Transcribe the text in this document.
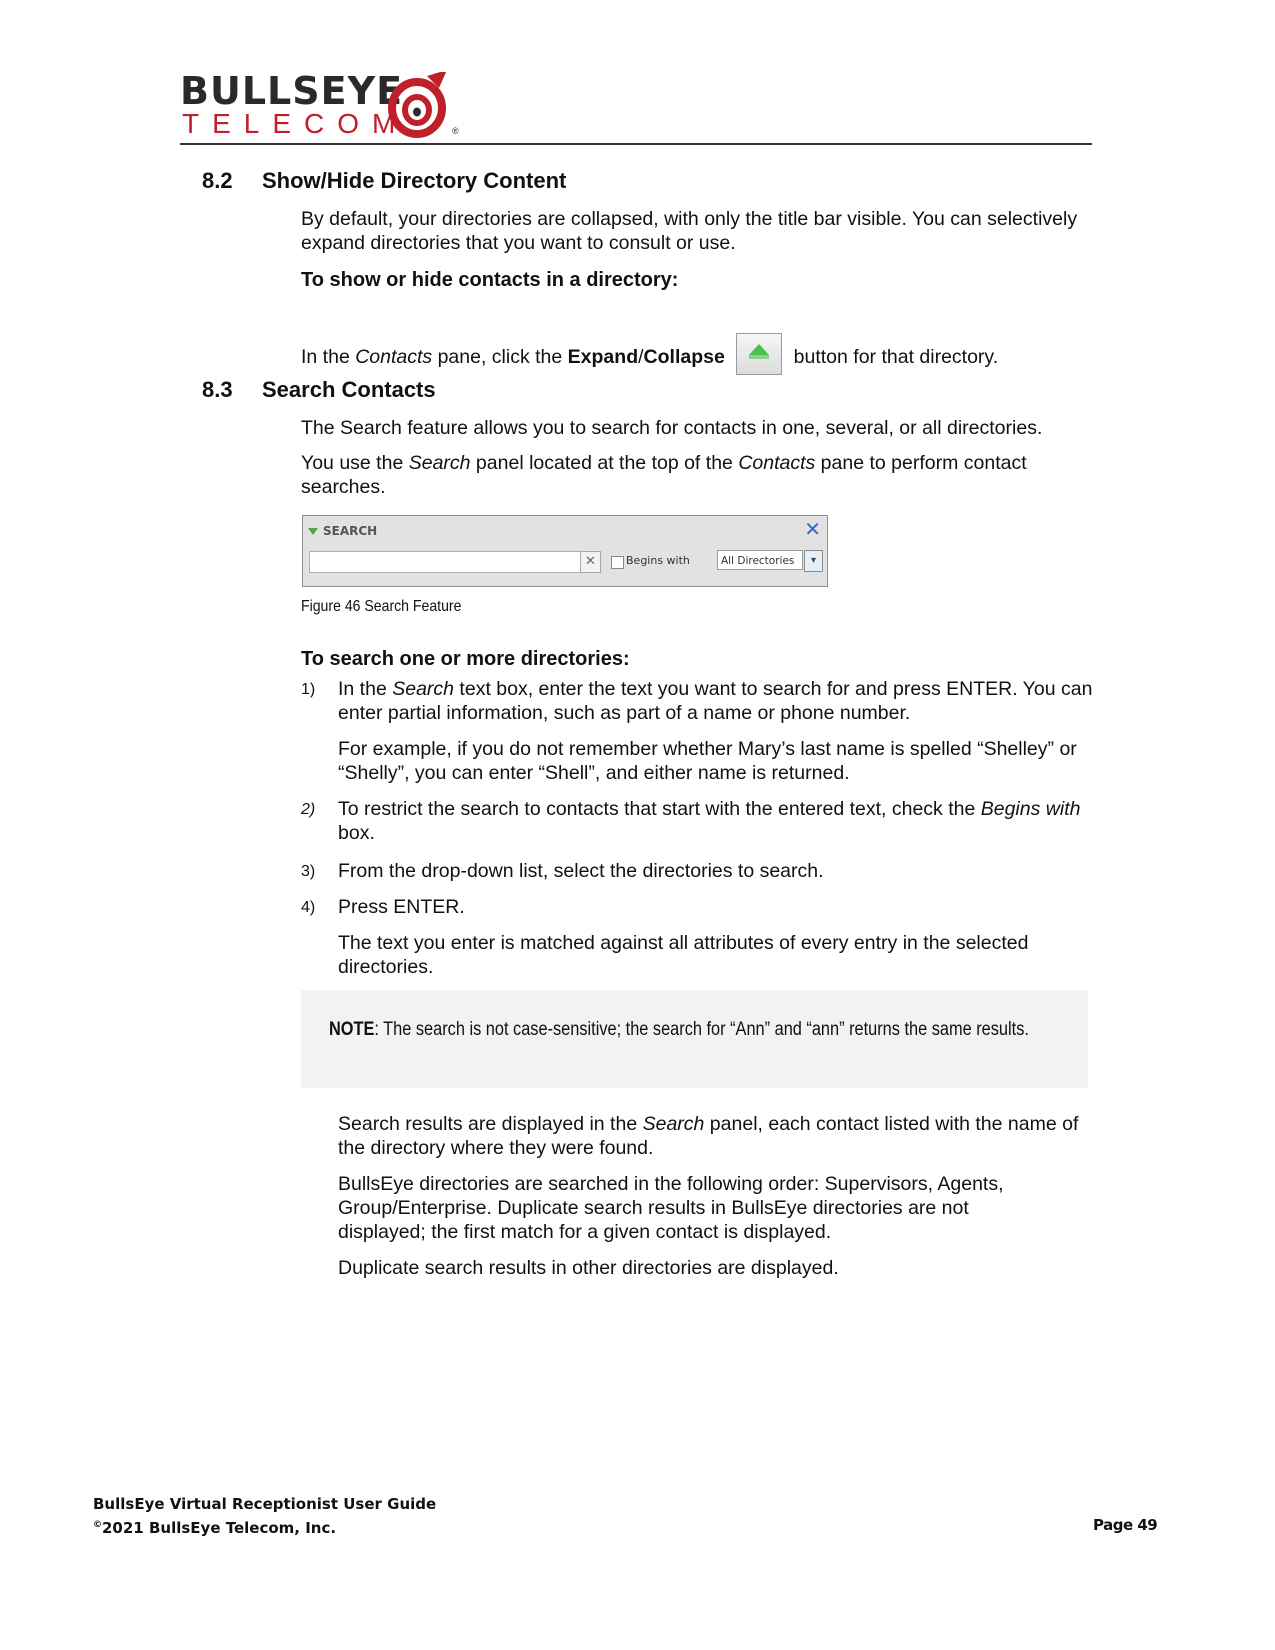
BULLSEYE
TELECOM	®
8.2 Show/Hide Directory Content
By default, your directories are collapsed, with only the title bar visible. You can selectively expand directories that you want to consult or use.
To show or hide contacts in a directory:
In the Contacts pane, click the Expand/Collapse	button for that directory.
8.3 Search Contacts
The Search feature allows you to search for contacts in one, several, or all directories.
You use the Search panel located at the top of the Contacts pane to perform contact searches.
SEARCH	✕
✕	Begins with	All Directories	▾
Figure 46 Search Feature
To search one or more directories:
1) In the Search text box, enter the text you want to search for and press ENTER. You can enter partial information, such as part of a name or phone number.
For example, if you do not remember whether Mary’s last name is spelled “Shelley” or “Shelly”, you can enter “Shell”, and either name is returned.
2) To restrict the search to contacts that start with the entered text, check the Begins with box.
3) From the drop-down list, select the directories to search.
4) Press ENTER.
The text you enter is matched against all attributes of every entry in the selected directories.
NOTE: The search is not case-sensitive; the search for “Ann” and “ann” returns the same results.
Search results are displayed in the Search panel, each contact listed with the name of the directory where they were found.
BullsEye directories are searched in the following order: Supervisors, Agents, Group/Enterprise. Duplicate search results in BullsEye directories are not displayed; the first match for a given contact is displayed.
Duplicate search results in other directories are displayed.
BullsEye Virtual Receptionist User Guide
©2021 BullsEye Telecom, Inc.	Page 49
